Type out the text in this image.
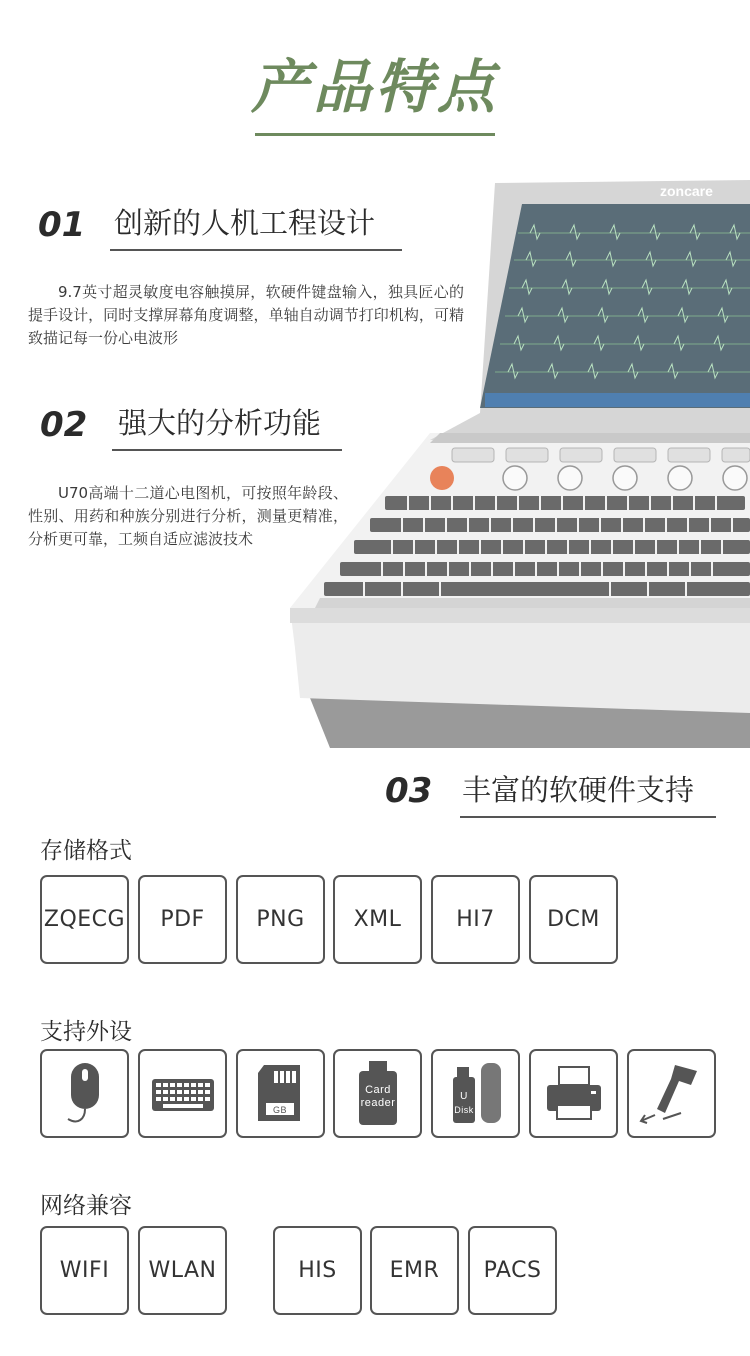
产品特点
zoncare
01 创新的人机工程设计
9.7英寸超灵敏度电容触摸屏，软硬件键盘输入，独具匠心的提手设计，同时支撑屏幕角度调整，单轴自动调节打印机构，可精致描记每一份心电波形
02 强大的分析功能
U70高端十二道心电图机，可按照年龄段、性别、用药和种族分别进行分析，测量更精准，分析更可靠，工频自适应滤波技术
03 丰富的软硬件支持
存储格式
ZQECG	PDF	PNG	XML	HI7	DCM
支持外设
GB
Card
reader
U
Disk
网络兼容
WIFI	WLAN	HIS	EMR	PACS
